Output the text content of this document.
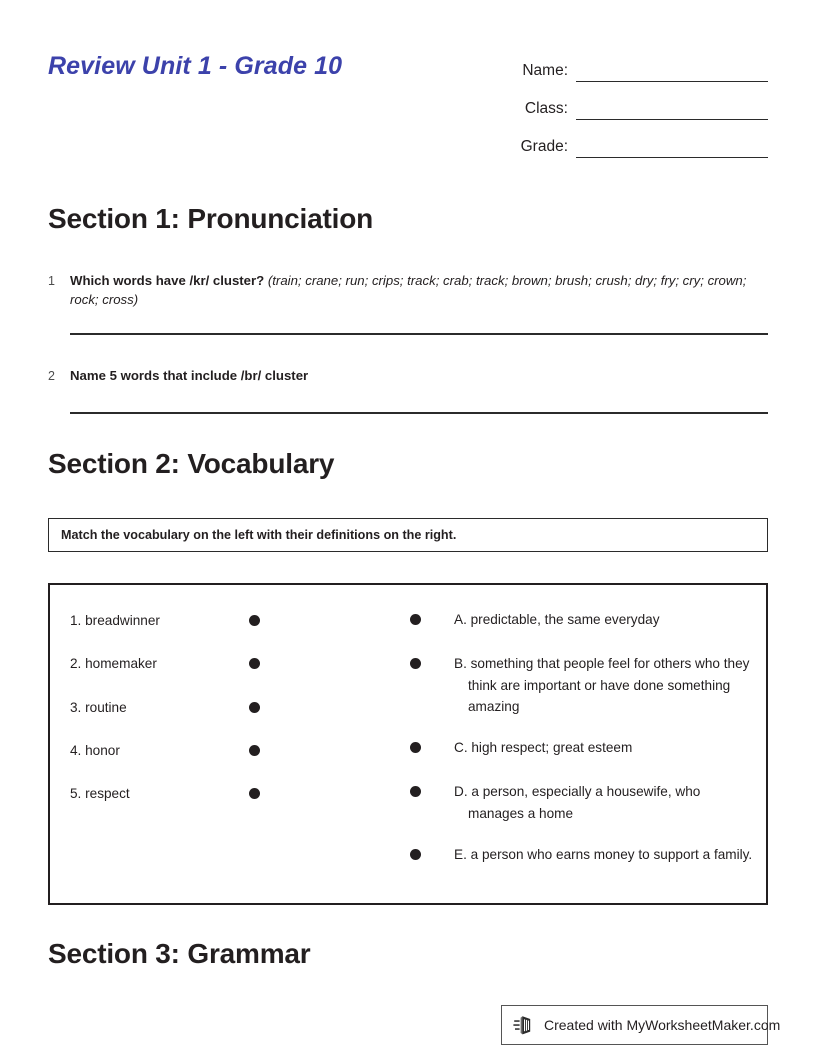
Review Unit 1 - Grade 10	Name:
Class:
Grade:
Section 1: Pronunciation
1	Which words have /kr/ cluster? (train; crane; run; crips; track; crab; track; brown; brush; crush; dry; fry; cry; crown; rock; cross)
2	Name 5 words that include /br/ cluster
Section 2: Vocabulary
Match the vocabulary on the left with their definitions on the right.
1. breadwinner
2. homemaker
3. routine
4. honor
5. respect
A. predictable, the same everyday
B. something that people feel for others who they think are important or have done something amazing
C. high respect; great esteem
D. a person, especially a housewife, who manages a home
E. a person who earns money to support a family.
Section 3: Grammar
Created with MyWorksheetMaker.com
